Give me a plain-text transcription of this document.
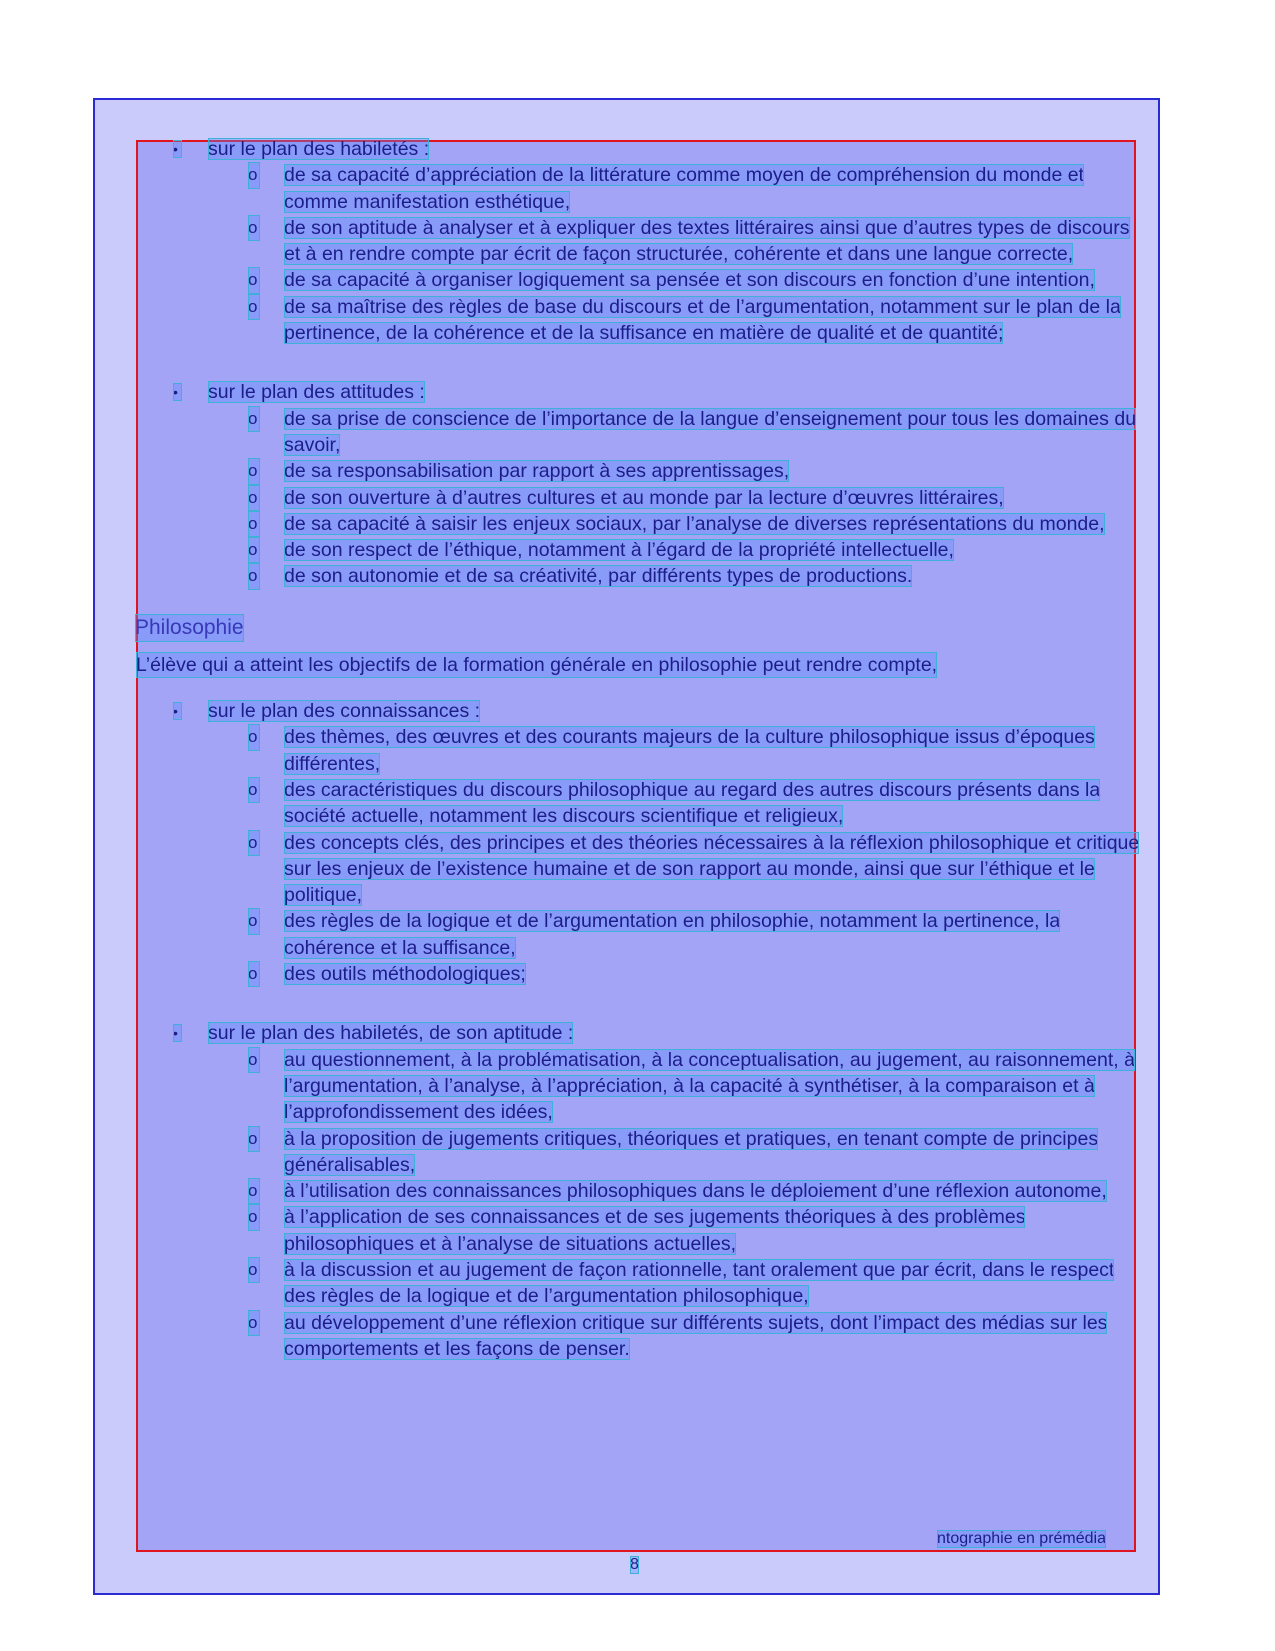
•
sur le plan des habiletés :
o
de sa capacité d’appréciation de la littérature comme moyen de compréhension du monde et comme manifestation esthétique,
o
de son aptitude à analyser et à expliquer des textes littéraires ainsi que d’autres types de discours et à en rendre compte par écrit de façon structurée, cohérente et dans une langue correcte,
o
de sa capacité à organiser logiquement sa pensée et son discours en fonction d’une intention,
o
de sa maîtrise des règles de base du discours et de l’argumentation, notamment sur le plan de la pertinence, de la cohérence et de la suffisance en matière de qualité et de quantité;
•
sur le plan des attitudes :
o
de sa prise de conscience de l’importance de la langue d’enseignement pour tous les domaines du savoir,
o
de sa responsabilisation par rapport à ses apprentissages,
o
de son ouverture à d’autres cultures et au monde par la lecture d’œuvres littéraires,
o
de sa capacité à saisir les enjeux sociaux, par l’analyse de diverses représentations du monde,
o
de son respect de l’éthique, notamment à l’égard de la propriété intellectuelle,
o
de son autonomie et de sa créativité, par différents types de productions.
Philosophie
L’élève qui a atteint les objectifs de la formation générale en philosophie peut rendre compte,
•
sur le plan des connaissances :
o
des thèmes, des œuvres et des courants majeurs de la culture philosophique issus d’époques différentes,
o
des caractéristiques du discours philosophique au regard des autres discours présents dans la société actuelle, notamment les discours scientifique et religieux,
o
des concepts clés, des principes et des théories nécessaires à la réflexion philosophique et critique sur les enjeux de l’existence humaine et de son rapport au monde, ainsi que sur l’éthique et le politique,
o
des règles de la logique et de l’argumentation en philosophie, notamment la pertinence, la cohérence et la suffisance,
o
des outils méthodologiques;
•
sur le plan des habiletés, de son aptitude :
o
au questionnement, à la problématisation, à la conceptualisation, au jugement, au raisonnement, à l’argumentation, à l’analyse, à l’appréciation, à la capacité à synthétiser, à la comparaison et à l’approfondissement des idées,
o
à la proposition de jugements critiques, théoriques et pratiques, en tenant compte de principes généralisables,
o
à l’utilisation des connaissances philosophiques dans le déploiement d’une réflexion autonome,
o
à l’application de ses connaissances et de ses jugements théoriques à des problèmes philosophiques et à l’analyse de situations actuelles,
o
à la discussion et au jugement de façon rationnelle, tant oralement que par écrit, dans le respect des règles de la logique et de l’argumentation philosophique,
o
au développement d’une réflexion critique sur différents sujets, dont l’impact des médias sur les comportements et les façons de penser.
ntographie en prémédia
8
